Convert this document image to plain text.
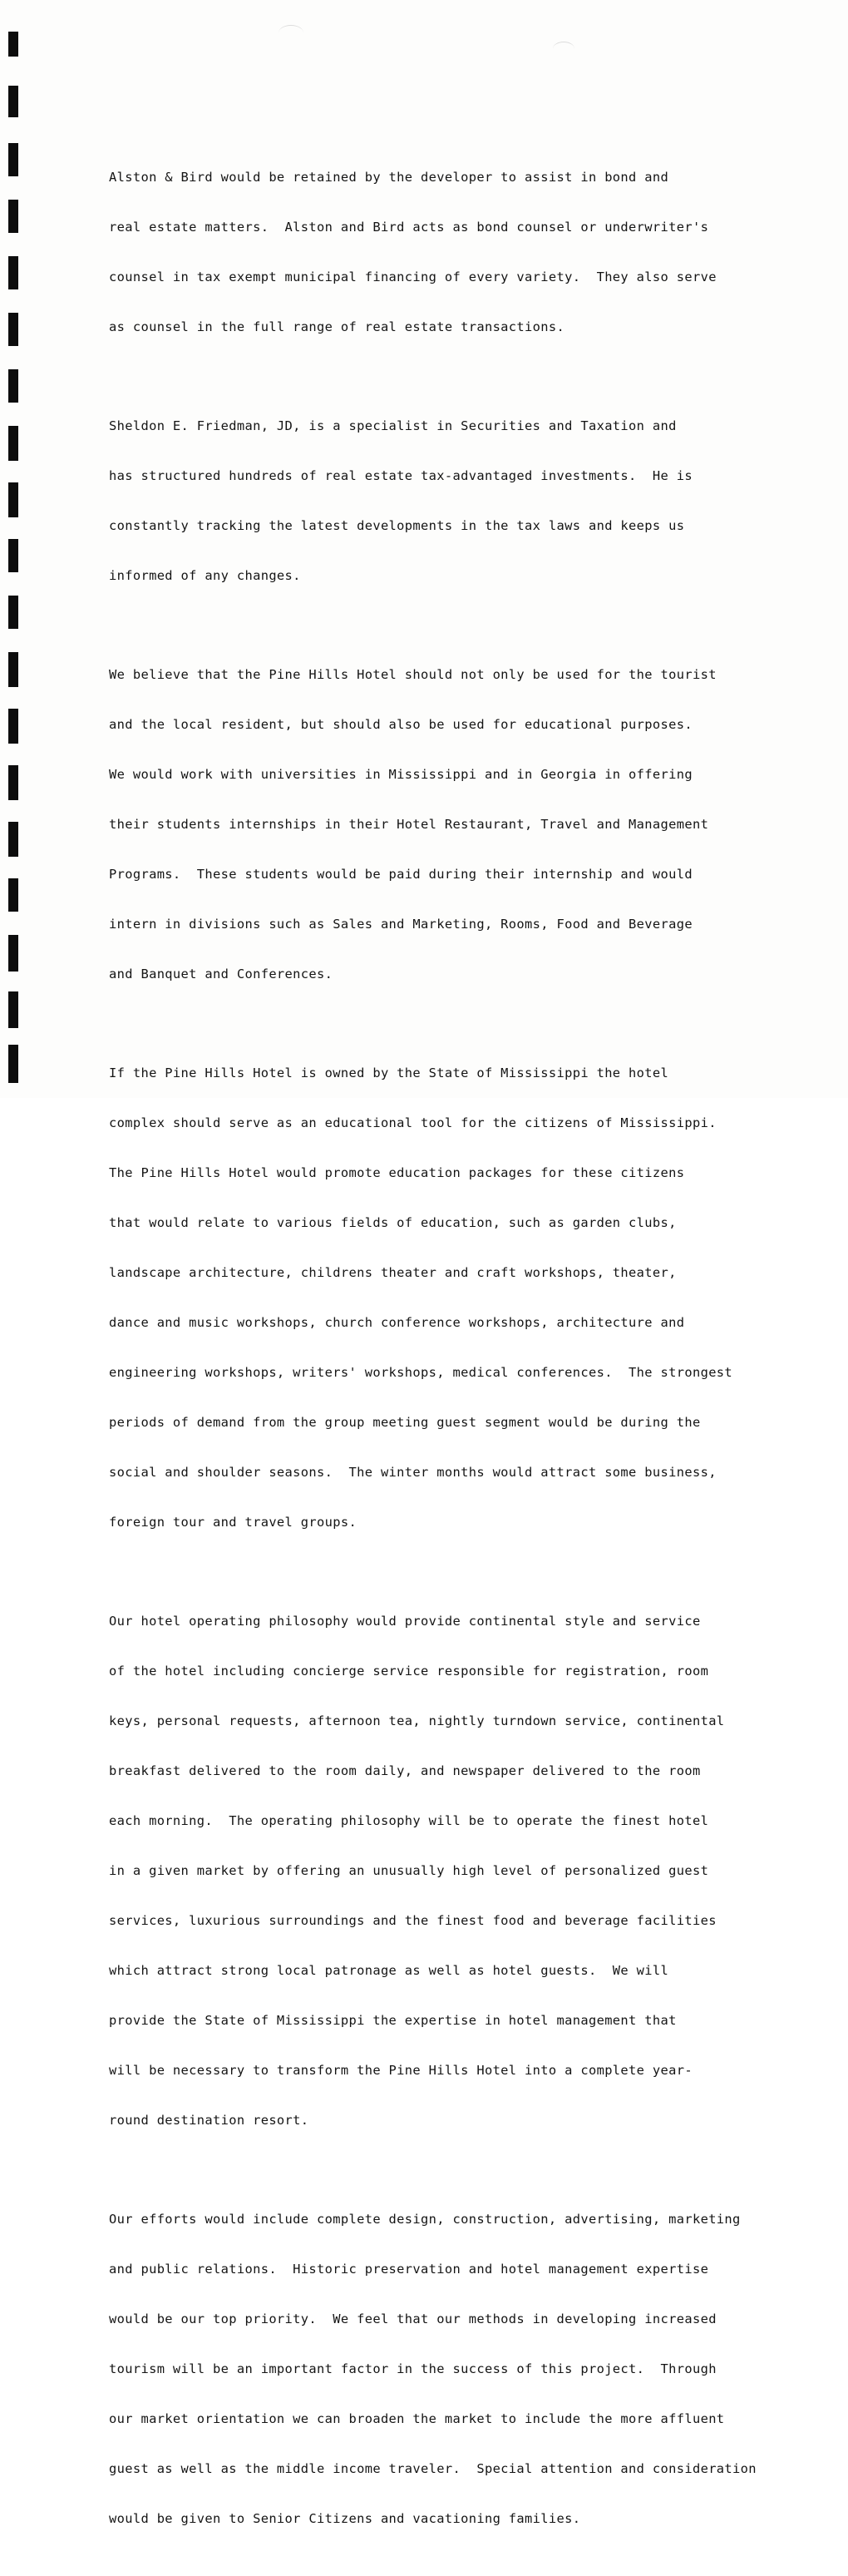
Alston & Bird would be retained by the developer to assist in bond and

real estate matters.  Alston and Bird acts as bond counsel or underwriter's

counsel in tax exempt municipal financing of every variety.  They also serve

as counsel in the full range of real estate transactions.

Sheldon E. Friedman, JD, is a specialist in Securities and Taxation and

has structured hundreds of real estate tax-advantaged investments.  He is

constantly tracking the latest developments in the tax laws and keeps us

informed of any changes.

We believe that the Pine Hills Hotel should not only be used for the tourist

and the local resident, but should also be used for educational purposes.

We would work with universities in Mississippi and in Georgia in offering

their students internships in their Hotel Restaurant, Travel and Management

Programs.  These students would be paid during their internship and would

intern in divisions such as Sales and Marketing, Rooms, Food and Beverage

and Banquet and Conferences.

If the Pine Hills Hotel is owned by the State of Mississippi the hotel

complex should serve as an educational tool for the citizens of Mississippi.

The Pine Hills Hotel would promote education packages for these citizens

that would relate to various fields of education, such as garden clubs,

landscape architecture, childrens theater and craft workshops, theater,

dance and music workshops, church conference workshops, architecture and

engineering workshops, writers' workshops, medical conferences.  The strongest

periods of demand from the group meeting guest segment would be during the

social and shoulder seasons.  The winter months would attract some business,

foreign tour and travel groups.

Our hotel operating philosophy would provide continental style and service

of the hotel including concierge service responsible for registration, room

keys, personal requests, afternoon tea, nightly turndown service, continental

breakfast delivered to the room daily, and newspaper delivered to the room

each morning.  The operating philosophy will be to operate the finest hotel

in a given market by offering an unusually high level of personalized guest

services, luxurious surroundings and the finest food and beverage facilities

which attract strong local patronage as well as hotel guests.  We will

provide the State of Mississippi the expertise in hotel management that

will be necessary to transform the Pine Hills Hotel into a complete year-

round destination resort.

Our efforts would include complete design, construction, advertising, marketing

and public relations.  Historic preservation and hotel management expertise

would be our top priority.  We feel that our methods in developing increased

tourism will be an important factor in the success of this project.  Through

our market orientation we can broaden the market to include the more affluent

guest as well as the middle income traveler.  Special attention and consideration

would be given to Senior Citizens and vacationing families.
